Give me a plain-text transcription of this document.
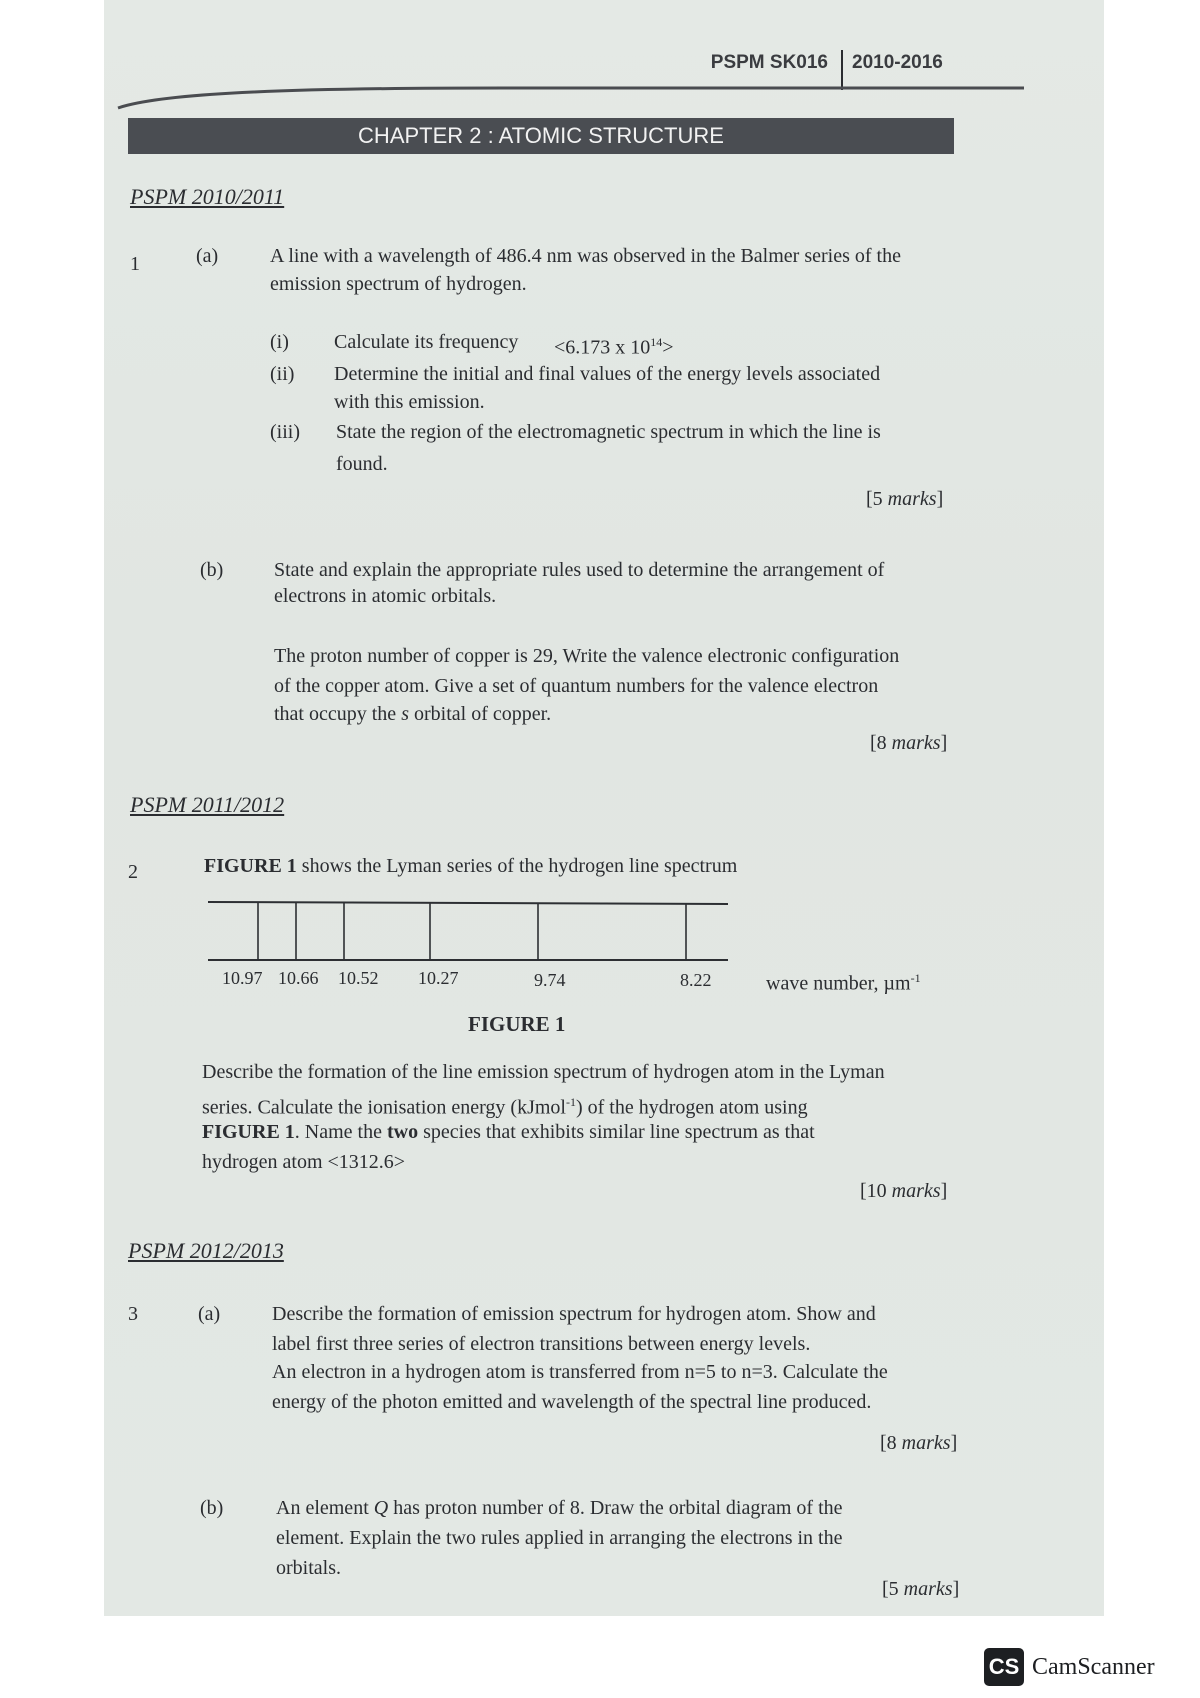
PSPM SK016 2010-2016
CHAPTER 2 : ATOMIC STRUCTURE
PSPM 2010/2011
1	(a)	A line with a wavelength of 486.4 nm was observed in the Balmer series of the
emission spectrum of hydrogen.
(i) Calculate its frequency <6.173 x $10^{14}>$
(ii) Determine the initial and final values of the energy levels associated
with this emission.
(iii) State the region of the electromagnetic spectrum in which the line is
found.
[5 marks]
(b)	State and explain the appropriate rules used to determine the arrangement of
electrons in atomic orbitals.
The proton number of copper is 29, Write the valence electronic configuration
of the copper atom. Give a set of quantum numbers for the valence electron
that occupy the s orbital of copper.
[8 marks]
PSPM 2011/2012
2	FIGURE 1 shows the Lyman series of the hydrogen line spectrum
10.97 10.66 10.52 10.27	9.74	8.22	wave number, µm$^{-1}$
FIGURE 1
Describe the formation of the line emission spectrum of hydrogen atom in the Lyman
series. Calculate the ionisation energy (kJmol$^{-1}$) of the hydrogen atom using
FIGURE 1. Name the two species that exhibits similar line spectrum as that
hydrogen atom <1312.6>
[10 marks]
PSPM 2012/2013
3	(a)	Describe the formation of emission spectrum for hydrogen atom. Show and
label first three series of electron transitions between energy levels.
An electron in a hydrogen atom is transferred from n=5 to n=3. Calculate the
energy of the photon emitted and wavelength of the spectral line produced.
[8 marks]
(b)	An element Q has proton number of 8. Draw the orbital diagram of the
element. Explain the two rules applied in arranging the electrons in the
orbitals.
[5 marks]
CS CamScanner
